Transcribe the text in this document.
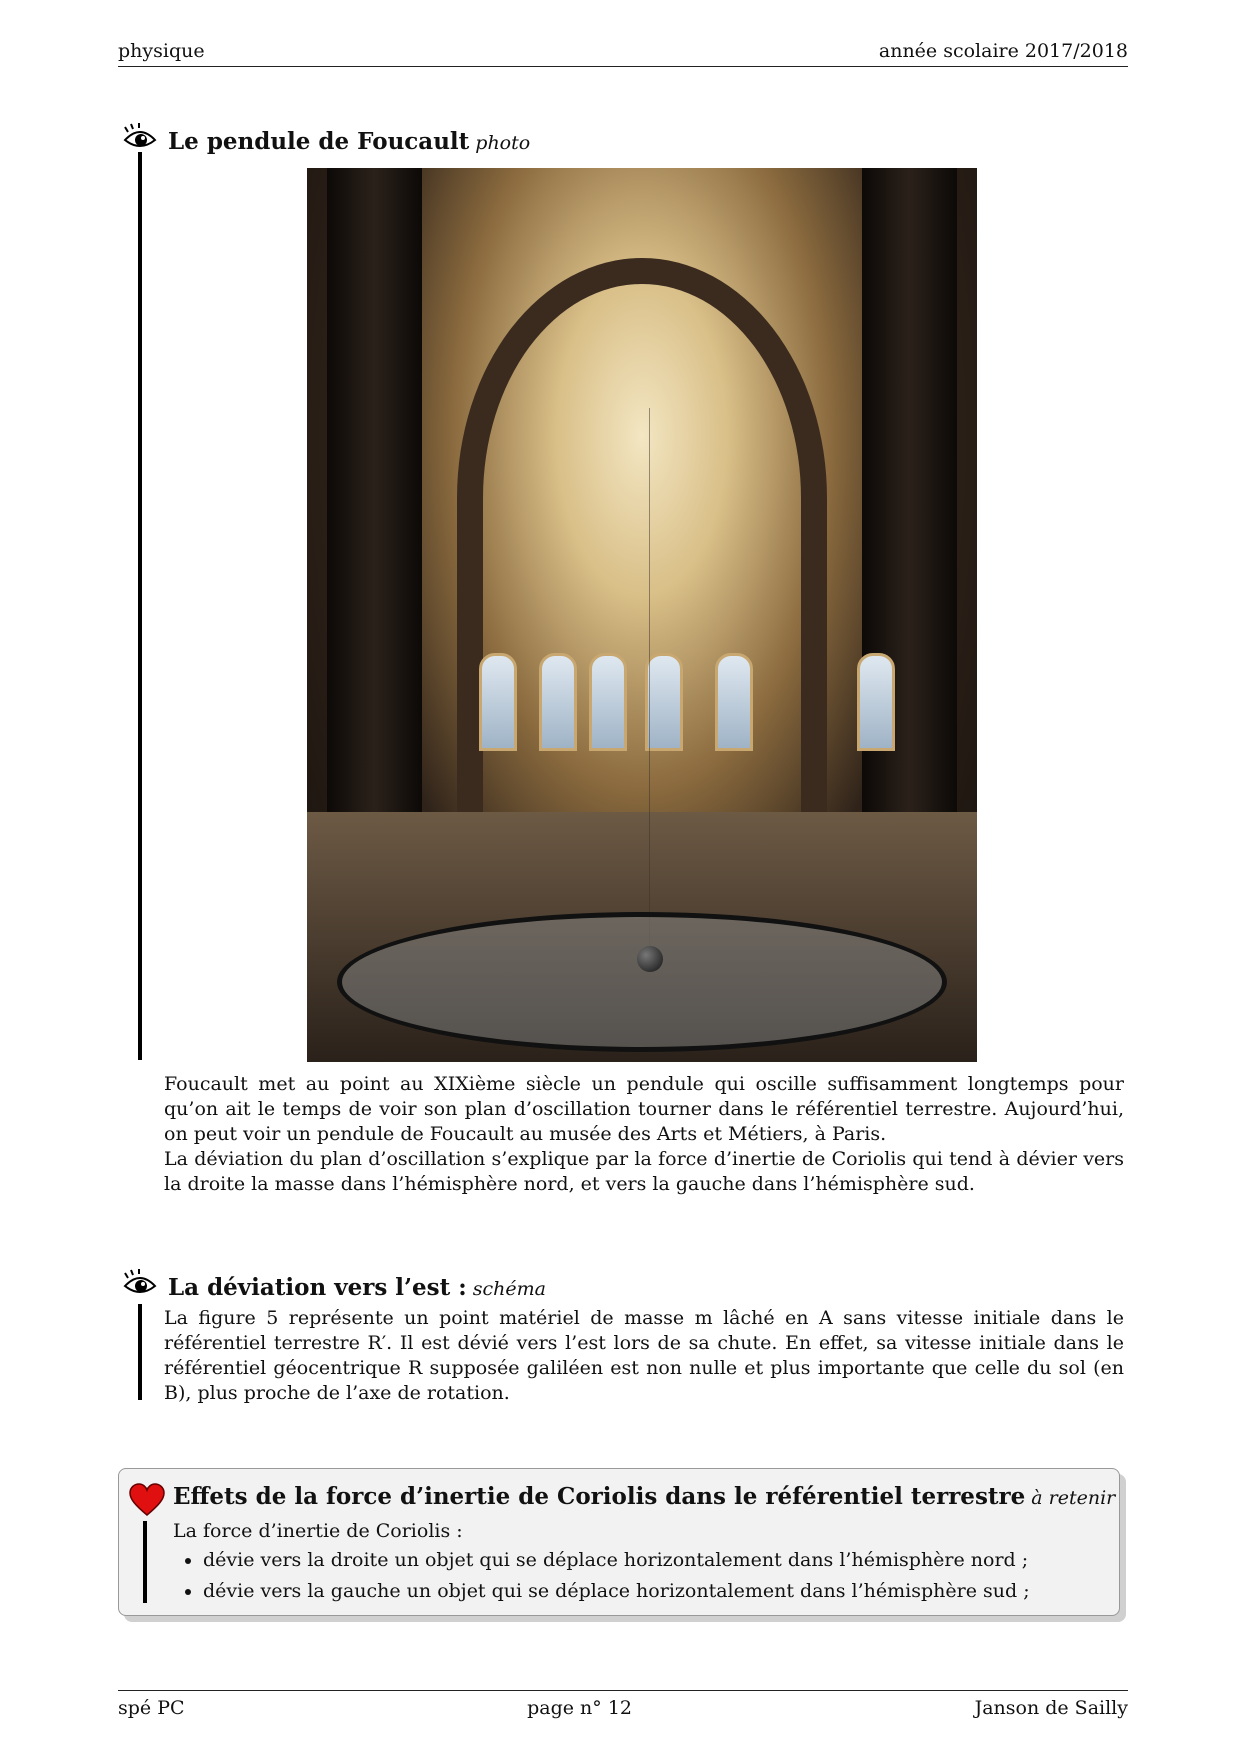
physique	année scolaire 2017/2018
Le pendule de Foucault photo

Foucault met au point au XIXième siècle un pendule qui oscille suffisamment longtemps pour qu’on ait le temps de voir son plan d’oscillation tourner dans le référentiel terrestre. Aujourd’hui, on peut voir un pendule de Foucault au musée des Arts et Métiers, à Paris.

La déviation du plan d’oscillation s’explique par la force d’inertie de Coriolis qui tend à dévier vers la droite la masse dans l’hémisphère nord, et vers la gauche dans l’hémisphère sud.

La déviation vers l’est : schéma

La figure 5 représente un point matériel de masse m lâché en A sans vitesse initiale dans le référentiel terrestre R′. Il est dévié vers l’est lors de sa chute. En effet, sa vitesse initiale dans le référentiel géocentrique R supposée galiléen est non nulle et plus importante que celle du sol (en B), plus proche de l’axe de rotation.

Effets de la force d’inertie de Coriolis dans le référentiel terrestre à retenir

La force d’inertie de Coriolis :

• dévie vers la droite un objet qui se déplace horizontalement dans l’hémisphère nord ;
• dévie vers la gauche un objet qui se déplace horizontalement dans l’hémisphère sud ;
spé PC	page n° 12	Janson de Sailly
